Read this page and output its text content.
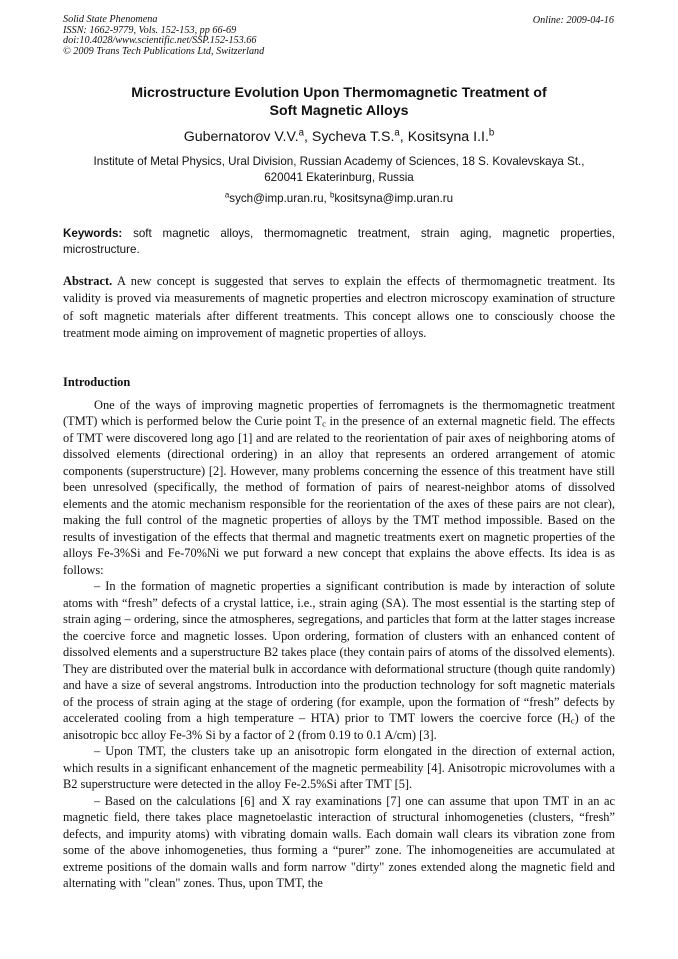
Solid State Phenomena
ISSN: 1662-9779, Vols. 152-153, pp 66-69
doi:10.4028/www.scientific.net/SSP.152-153.66
© 2009 Trans Tech Publications Ltd, Switzerland
Online: 2009-04-16
Microstructure Evolution Upon Thermomagnetic Treatment of
Soft Magnetic Alloys
Gubernatorov V.V.$^a$, Sycheva T.S.$^a$, Kositsyna I.I.$^b$
Institute of Metal Physics, Ural Division, Russian Academy of Sciences, 18 S. Kovalevskaya St.,
620041 Ekaterinburg, Russia
$^a$sych@imp.uran.ru, $^b$kositsyna@imp.uran.ru
Keywords: soft magnetic alloys, thermomagnetic treatment, strain aging, magnetic properties, microstructure.
Abstract. A new concept is suggested that serves to explain the effects of thermomagnetic treatment. Its validity is proved via measurements of magnetic properties and electron microscopy examination of structure of soft magnetic materials after different treatments. This concept allows one to consciously choose the treatment mode aiming on improvement of magnetic properties of alloys.
Introduction

One of the ways of improving magnetic properties of ferromagnets is the thermomagnetic treatment (TMT) which is performed below the Curie point $T_c$ in the presence of an external magnetic field. The effects of TMT were discovered long ago [1] and are related to the reorientation of pair axes of neighboring atoms of dissolved elements (directional ordering) in an alloy that represents an ordered arrangement of atomic components (superstructure) [2]. However, many problems concerning the essence of this treatment have still been unresolved (specifically, the method of formation of pairs of nearest-neighbor atoms of dissolved elements and the atomic mechanism responsible for the reorientation of the axes of these pairs are not clear), making the full control of the magnetic properties of alloys by the TMT method impossible. Based on the results of investigation of the effects that thermal and magnetic treatments exert on magnetic properties of the alloys Fe-3%Si and Fe-70%Ni we put forward a new concept that explains the above effects. Its idea is as follows:

– In the formation of magnetic properties a significant contribution is made by interaction of solute atoms with “fresh” defects of a crystal lattice, i.e., strain aging (SA). The most essential is the starting step of strain aging – ordering, since the atmospheres, segregations, and particles that form at the latter stages increase the coercive force and magnetic losses. Upon ordering, formation of clusters with an enhanced content of dissolved elements and a superstructure B2 takes place (they contain pairs of atoms of the dissolved elements). They are distributed over the material bulk in accordance with deformational structure (though quite randomly) and have a size of several angstroms. Introduction into the production technology for soft magnetic materials of the process of strain aging at the stage of ordering (for example, upon the formation of “fresh” defects by accelerated cooling from a high temperature – HTA) prior to TMT lowers the coercive force $(H_c)$ of the anisotropic bcc alloy Fe-3% Si by a factor of 2 (from 0.19 to 0.1 A/cm) [3].

– Upon TMT, the clusters take up an anisotropic form elongated in the direction of external action, which results in a significant enhancement of the magnetic permeability [4]. Anisotropic microvolumes with a B2 superstructure were detected in the alloy Fe-2.5%Si after TMT [5].

– Based on the calculations [6] and X ray examinations [7] one can assume that upon TMT in an ac magnetic field, there takes place magnetoelastic interaction of structural inhomogeneties (clusters, “fresh” defects, and impurity atoms) with vibrating domain walls. Each domain wall clears its vibration zone from some of the above inhomogeneties, thus forming a “purer” zone. The inhomogeneities are accumulated at extreme positions of the domain walls and form narrow "dirty" zones extended along the magnetic field and alternating with "clean" zones. Thus, upon TMT, the
